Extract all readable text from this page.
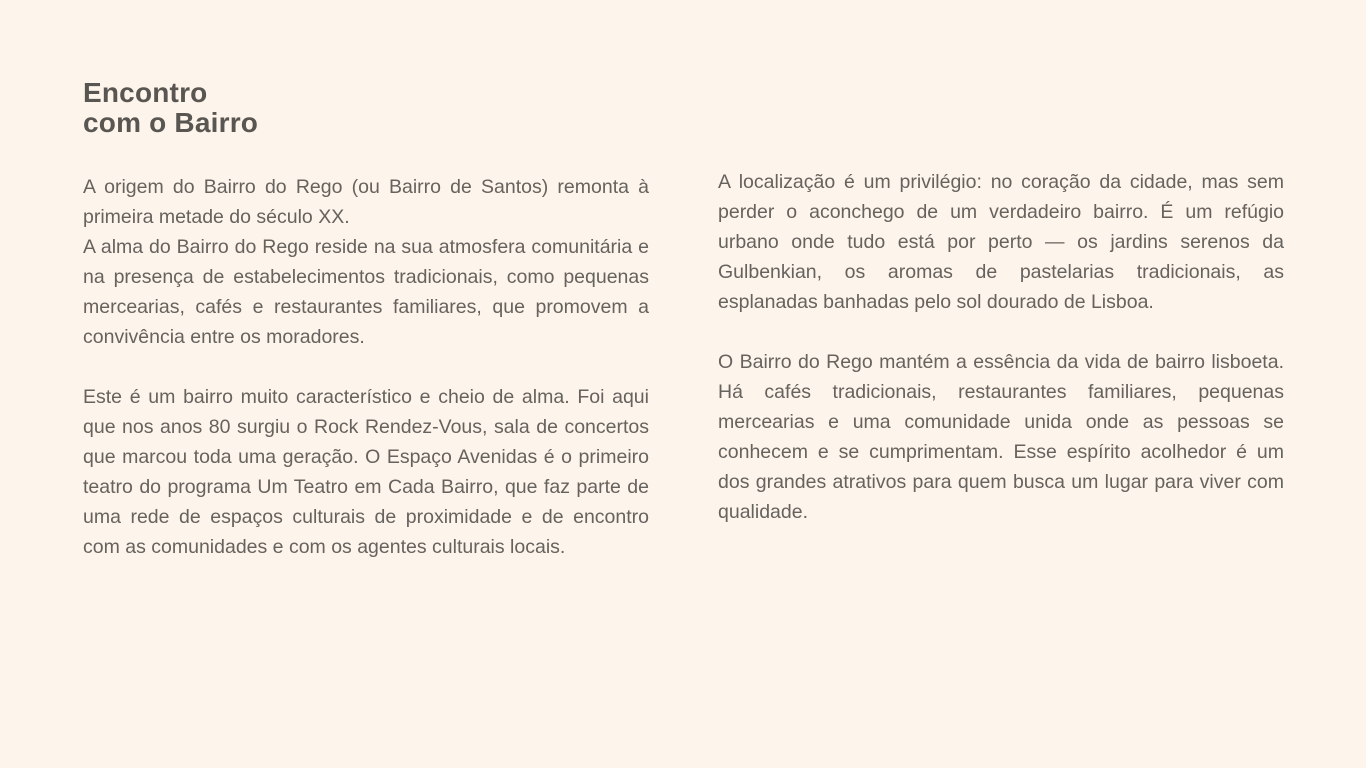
Encontro
com o Bairro

A origem do Bairro do Rego (ou Bairro de Santos) remonta à primeira metade do século XX.

A alma do Bairro do Rego reside na sua atmosfera comunitária e na presença de estabelecimentos tradicionais, como pequenas mercearias, cafés e restaurantes familiares, que promovem a convivência entre os moradores.

Este é um bairro muito característico e cheio de alma. Foi aqui que nos anos 80 surgiu o Rock Rendez-Vous, sala de concertos que marcou toda uma geração. O Espaço Avenidas é o primeiro teatro do programa Um Teatro em Cada Bairro, que faz parte de uma rede de espaços culturais de proximidade e de encontro com as comunidades e com os agentes culturais locais.

A localização é um privilégio: no coração da cidade, mas sem perder o aconchego de um verdadeiro bairro. É um refúgio urbano onde tudo está por perto — os jardins serenos da Gulbenkian, os aromas de pastelarias tradicionais, as esplanadas banhadas pelo sol dourado de Lisboa.

O Bairro do Rego mantém a essência da vida de bairro lisboeta. Há cafés tradicionais, restaurantes familiares, pequenas mercearias e uma comunidade unida onde as pessoas se conhecem e se cumprimentam. Esse espírito acolhedor é um dos grandes atrativos para quem busca um lugar para viver com qualidade.
